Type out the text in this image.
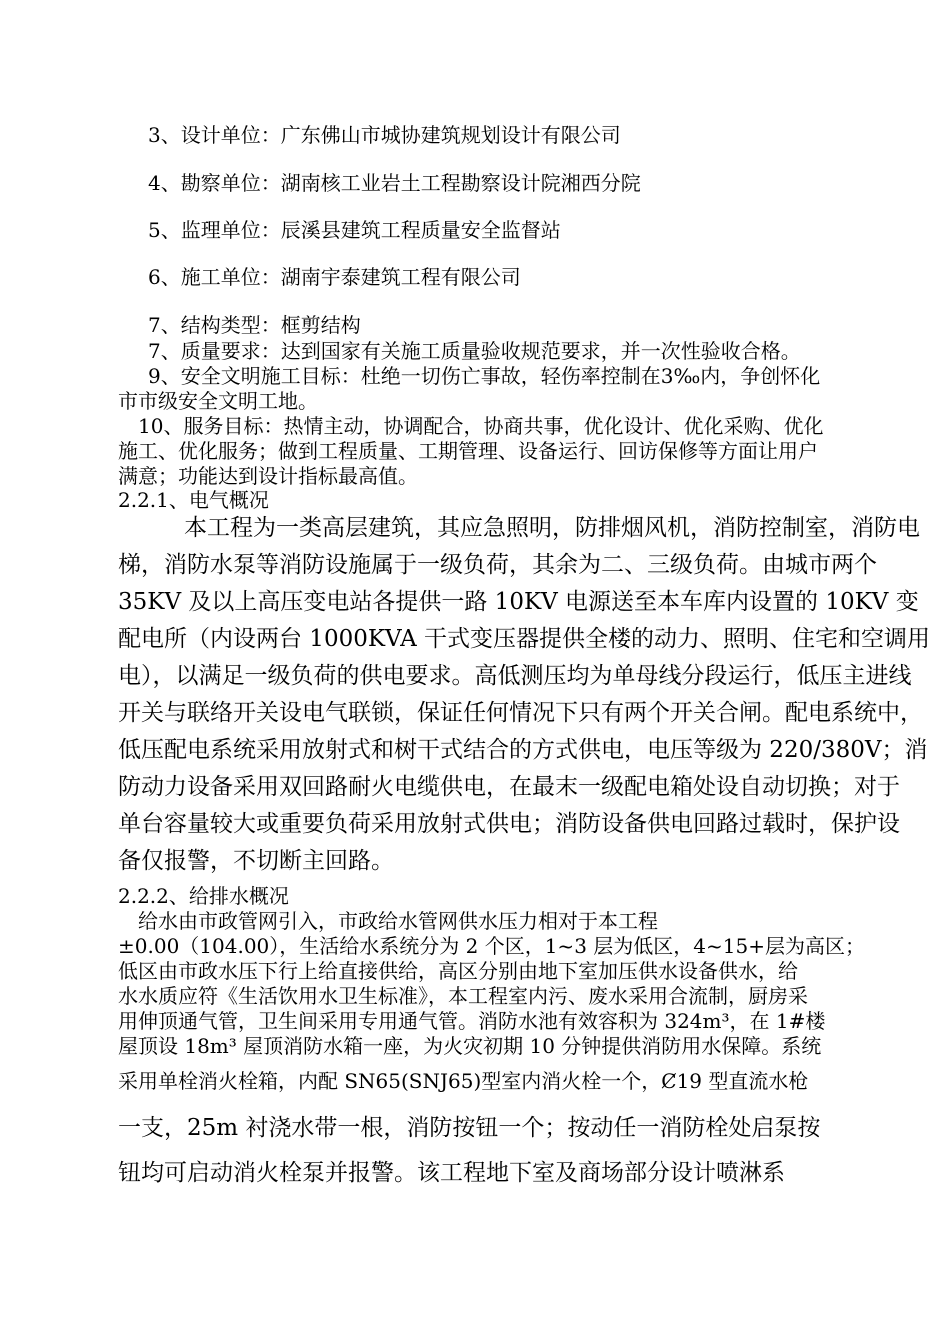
3、设计单位：广东佛山市城协建筑规划设计有限公司

4、勘察单位：湖南核工业岩土工程勘察设计院湘西分院

5、监理单位：辰溪县建筑工程质量安全监督站

6、施工单位：湖南宇泰建筑工程有限公司

7、结构类型：框剪结构

7、质量要求：达到国家有关施工质量验收规范要求，并一次性验收合格。

9、安全文明施工目标：杜绝一切伤亡事故，轻伤率控制在3‰内，争创怀化

市市级安全文明工地。

10、服务目标：热情主动，协调配合，协商共事，优化设计、优化采购、优化

施工、优化服务；做到工程质量、工期管理、设备运行、回访保修等方面让用户

满意；功能达到设计指标最高值。

2.2.1、电气概况

本工程为一类高层建筑，其应急照明，防排烟风机，消防控制室，消防电

梯，消防水泵等消防设施属于一级负荷，其余为二、三级负荷。由城市两个

35KV 及以上高压变电站各提供一路 10KV 电源送至本车库内设置的 10KV 变

配电所（内设两台 1000KVA 干式变压器提供全楼的动力、照明、住宅和空调用

电），以满足一级负荷的供电要求。高低测压均为单母线分段运行，低压主进线

开关与联络开关设电气联锁，保证任何情况下只有两个开关合闸。配电系统中，

低压配电系统采用放射式和树干式结合的方式供电，电压等级为 220/380V；消

防动力设备采用双回路耐火电缆供电，在最末一级配电箱处设自动切换；对于

单台容量较大或重要负荷采用放射式供电；消防设备供电回路过载时，保护设

备仅报警，不切断主回路。

2.2.2、给排水概况

给水由市政管网引入，市政给水管网供水压力相对于本工程

±0.00（104.00），生活给水系统分为 2 个区，1~3 层为低区，4~15+层为高区；

低区由市政水压下行上给直接供给，高区分别由地下室加压供水设备供水，给

水水质应符《生活饮用水卫生标准》，本工程室内污、废水采用合流制，厨房采

用伸顶通气管，卫生间采用专用通气管。消防水池有效容积为 324m³，在 1#楼

屋顶设 18m³ 屋顶消防水箱一座，为火灾初期 10 分钟提供消防用水保障。系统

采用单栓消火栓箱，内配 SN65(SNJ65)型室内消火栓一个，Ȼ19 型直流水枪

一支，25m 衬浇水带一根，消防按钮一个；按动任一消防栓处启泵按

钮均可启动消火栓泵并报警。该工程地下室及商场部分设计喷淋系
